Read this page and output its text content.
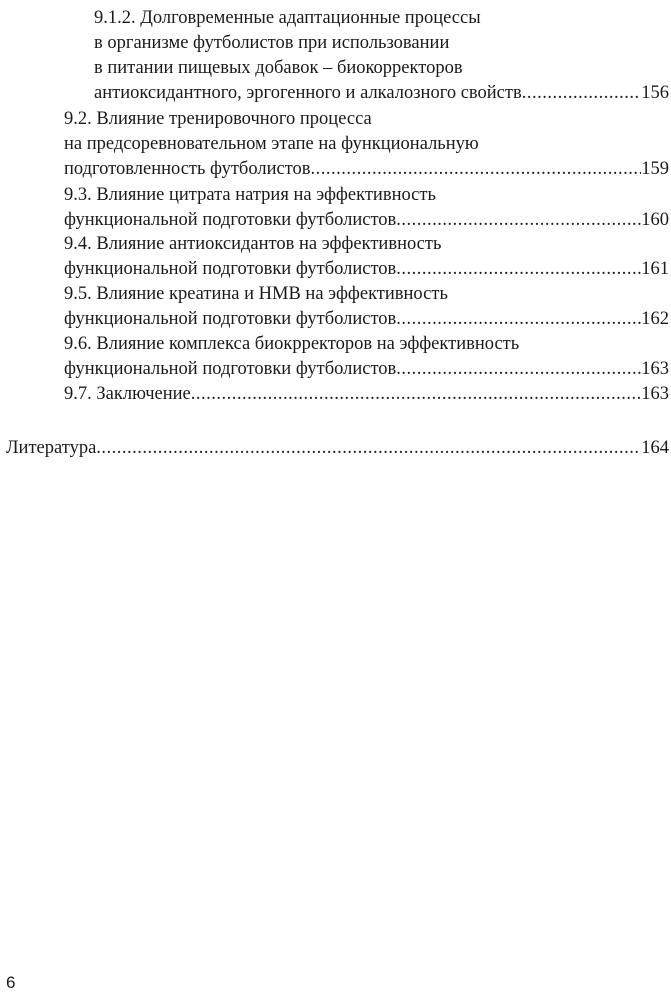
9.1.2. Долговременные адаптационные процессы
в организме футболистов при использовании
в питании пищевых добавок – биокорректоров
антиоксидантного, эргогенного и алкалозного свойств .....	156
9.2. Влияние тренировочного процесса
на предсоревновательном этапе на функциональную
подготовленность футболистов .....	159
9.3. Влияние цитрата натрия на эффективность
функциональной подготовки футболистов .....	160
9.4. Влияние антиоксидантов на эффективность
функциональной подготовки футболистов .....	161
9.5. Влияние креатина и HMB на эффективность
функциональной подготовки футболистов .....	162
9.6. Влияние комплекса биокрректоров на эффективность
функциональной подготовки футболистов .....	163
9.7. Заключение .....	163
Литература .....	164
6
